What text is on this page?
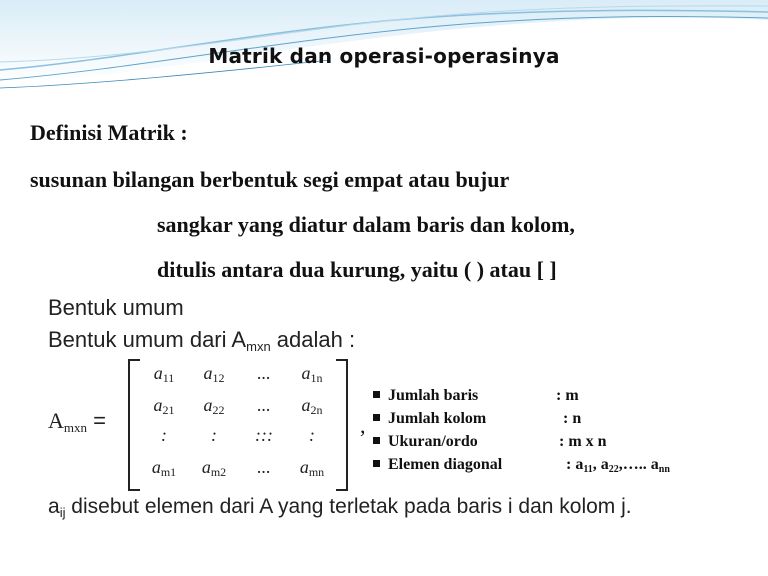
Matrik dan operasi-operasinya
Definisi Matrik :
susunan bilangan berbentuk segi empat atau bujur
sangkar yang diatur dalam baris dan kolom,
ditulis antara dua kurung, yaitu ( ) atau [ ]
Bentuk umum
Bentuk umum dari Amxn adalah :
Amxn =
a11	a12	...	a1n
a21	a22	...	a2n
:	:	:::	:
am1	am2	...	amn
,
Jumlah baris	: m
Jumlah kolom	: n
Ukuran/ordo	: m x n
Elemen diagonal	: a11, a22,….. ann
aij disebut elemen dari A yang terletak pada baris i dan kolom j.
